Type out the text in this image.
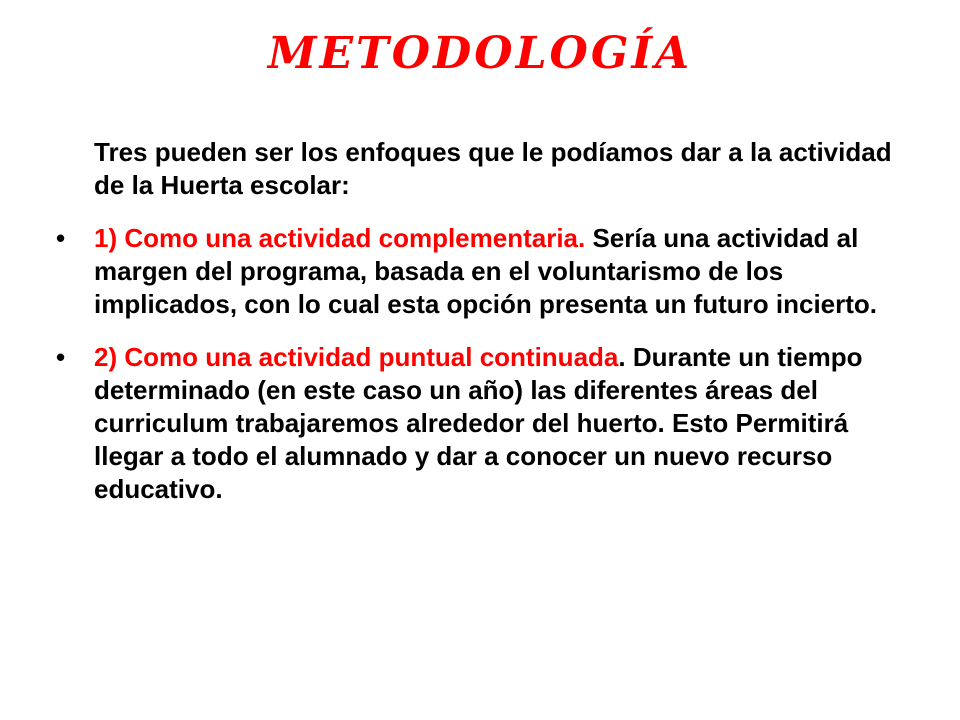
METODOLOGÍA

Tres pueden ser los enfoques que le podíamos dar a la actividad de la Huerta escolar:

•	1) Como una actividad complementaria. Sería una actividad al margen del programa, basada en el voluntarismo de los implicados, con lo cual esta opción presenta un futuro incierto.
•	2) Como una actividad puntual continuada. Durante un tiempo determinado (en este caso un año) las diferentes áreas del curriculum trabajaremos alrededor del huerto. Esto Permitirá llegar a todo el alumnado y dar a conocer un nuevo recurso educativo.
